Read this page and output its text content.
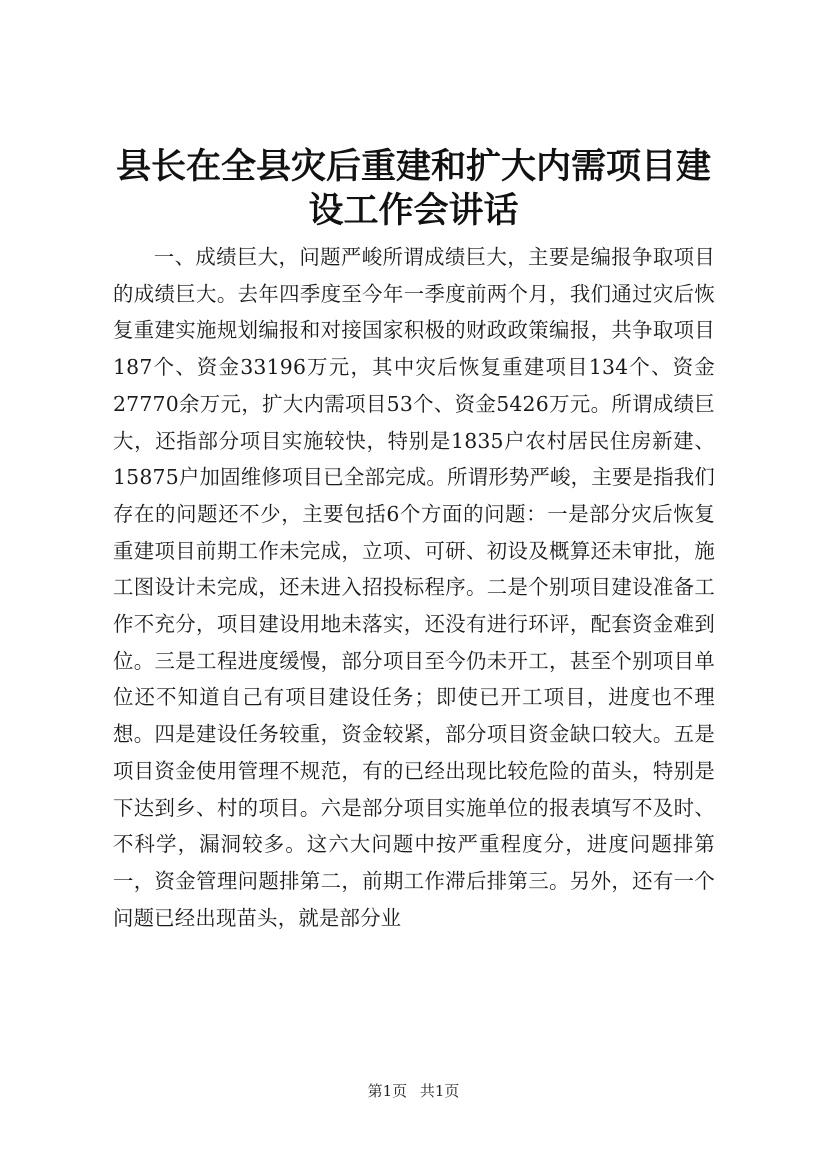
县长在全县灾后重建和扩大内需项目建设工作会讲话

一、成绩巨大，问题严峻所谓成绩巨大，主要是编报争取项目的成绩巨大。去年四季度至今年一季度前两个月，我们通过灾后恢复重建实施规划编报和对接国家积极的财政政策编报，共争取项目187个、资金33196万元，其中灾后恢复重建项目134个、资金27770余万元，扩大内需项目53个、资金5426万元。所谓成绩巨大，还指部分项目实施较快，特别是1835户农村居民住房新建、15875户加固维修项目已全部完成。所谓形势严峻，主要是指我们存在的问题还不少，主要包括6个方面的问题：一是部分灾后恢复重建项目前期工作未完成，立项、可研、初设及概算还未审批，施工图设计未完成，还未进入招投标程序。二是个别项目建设准备工作不充分，项目建设用地未落实，还没有进行环评，配套资金难到位。三是工程进度缓慢，部分项目至今仍未开工，甚至个别项目单位还不知道自己有项目建设任务；即使已开工项目，进度也不理想。四是建设任务较重，资金较紧，部分项目资金缺口较大。五是项目资金使用管理不规范，有的已经出现比较危险的苗头，特别是下达到乡、村的项目。六是部分项目实施单位的报表填写不及时、不科学，漏洞较多。这六大问题中按严重程度分，进度问题排第一，资金管理问题排第二，前期工作滞后排第三。另外，还有一个问题已经出现苗头，就是部分业

第1页 共1页
